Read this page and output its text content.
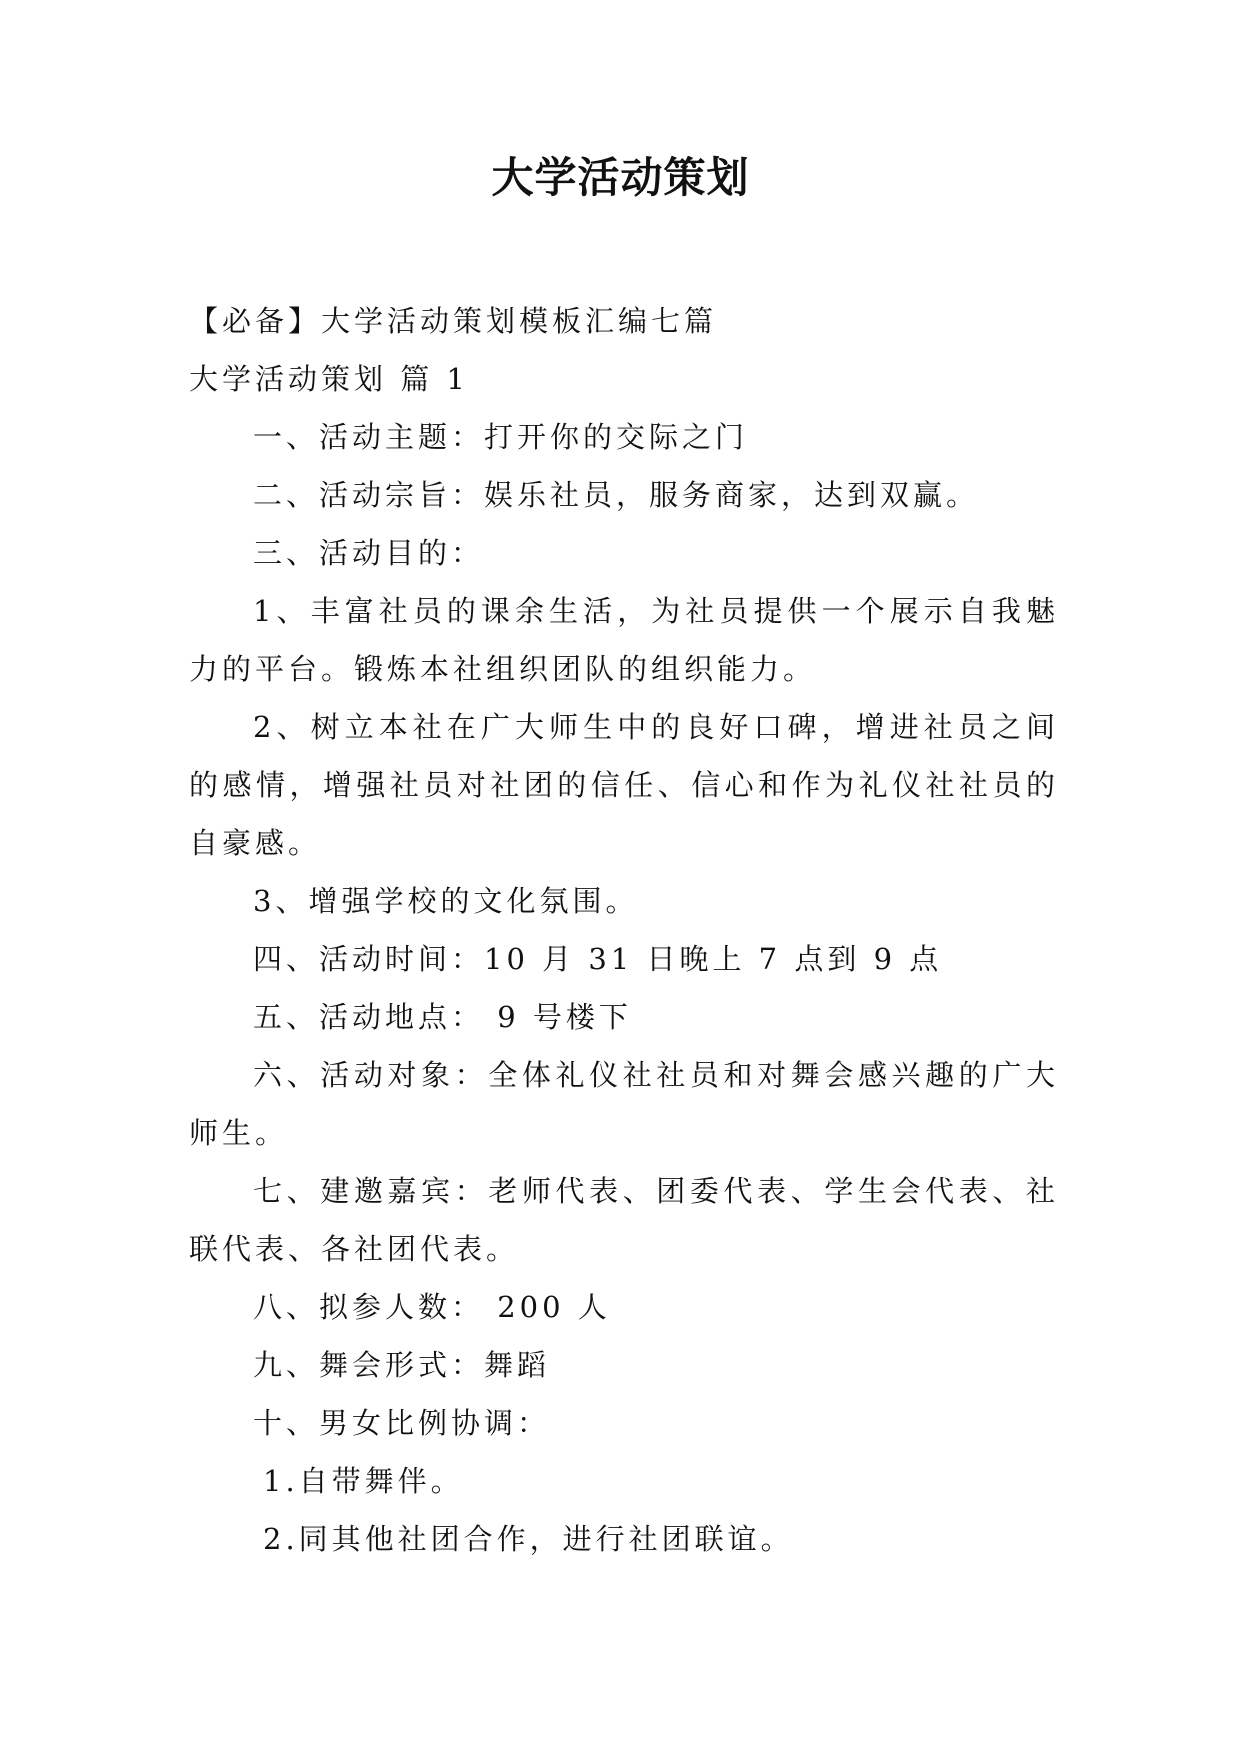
大学活动策划

【必备】大学活动策划模板汇编七篇

大学活动策划 篇 1

一、活动主题：打开你的交际之门

二、活动宗旨：娱乐社员，服务商家，达到双赢。

三、活动目的：

1、丰富社员的课余生活，为社员提供一个展示自我魅力的平台。锻炼本社组织团队的组织能力。

2、树立本社在广大师生中的良好口碑，增进社员之间的感情，增强社员对社团的信任、信心和作为礼仪社社员的自豪感。

3、增强学校的文化氛围。

四、活动时间：10 月 31 日晚上 7 点到 9 点

五、活动地点： 9 号楼下

六、活动对象：全体礼仪社社员和对舞会感兴趣的广大师生。

七、建邀嘉宾：老师代表、团委代表、学生会代表、社联代表、各社团代表。

八、拟参人数： 200 人

九、舞会形式：舞蹈

十、男女比例协调：

1.自带舞伴。

2.同其他社团合作，进行社团联谊。
